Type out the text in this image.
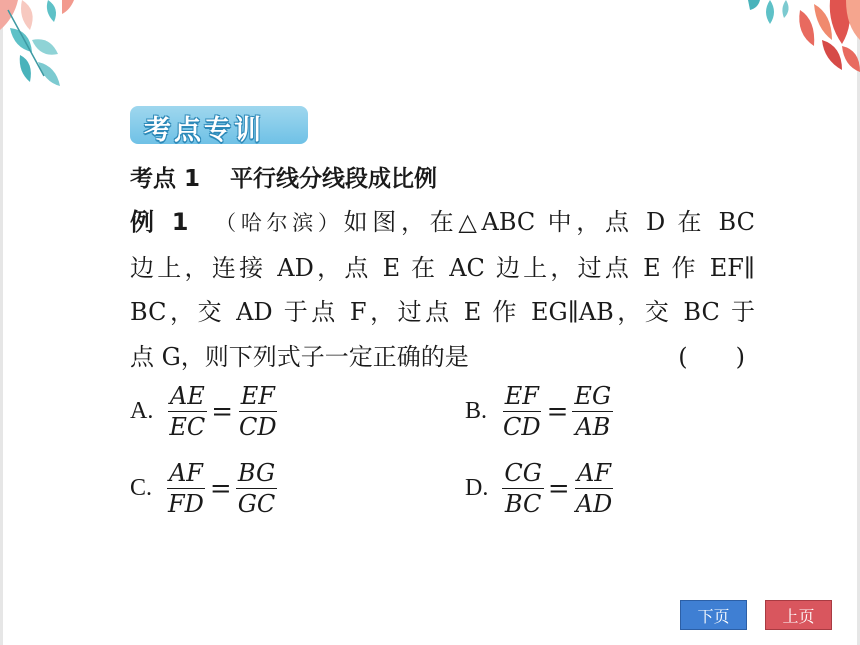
考点专训
考点 1 平行线分线段成比例
例 1 （哈尔滨）如图，在△ABC 中，点 D 在 BC
边上，连接 AD，点 E 在 AC 边上，过点 E 作 EF∥
BC，交 AD 于点 F，过点 E 作 EG∥AB，交 BC 于
点 G，则下列式子一定正确的是	(　　)
A. $\frac{AE}{EC} = \frac{EF}{CD}$	B. $\frac{EF}{CD} = \frac{EG}{AB}$
C. $\frac{AF}{FD} = \frac{BG}{GC}$	D. $\frac{CG}{BC} = \frac{AF}{AD}$
下页	上页
